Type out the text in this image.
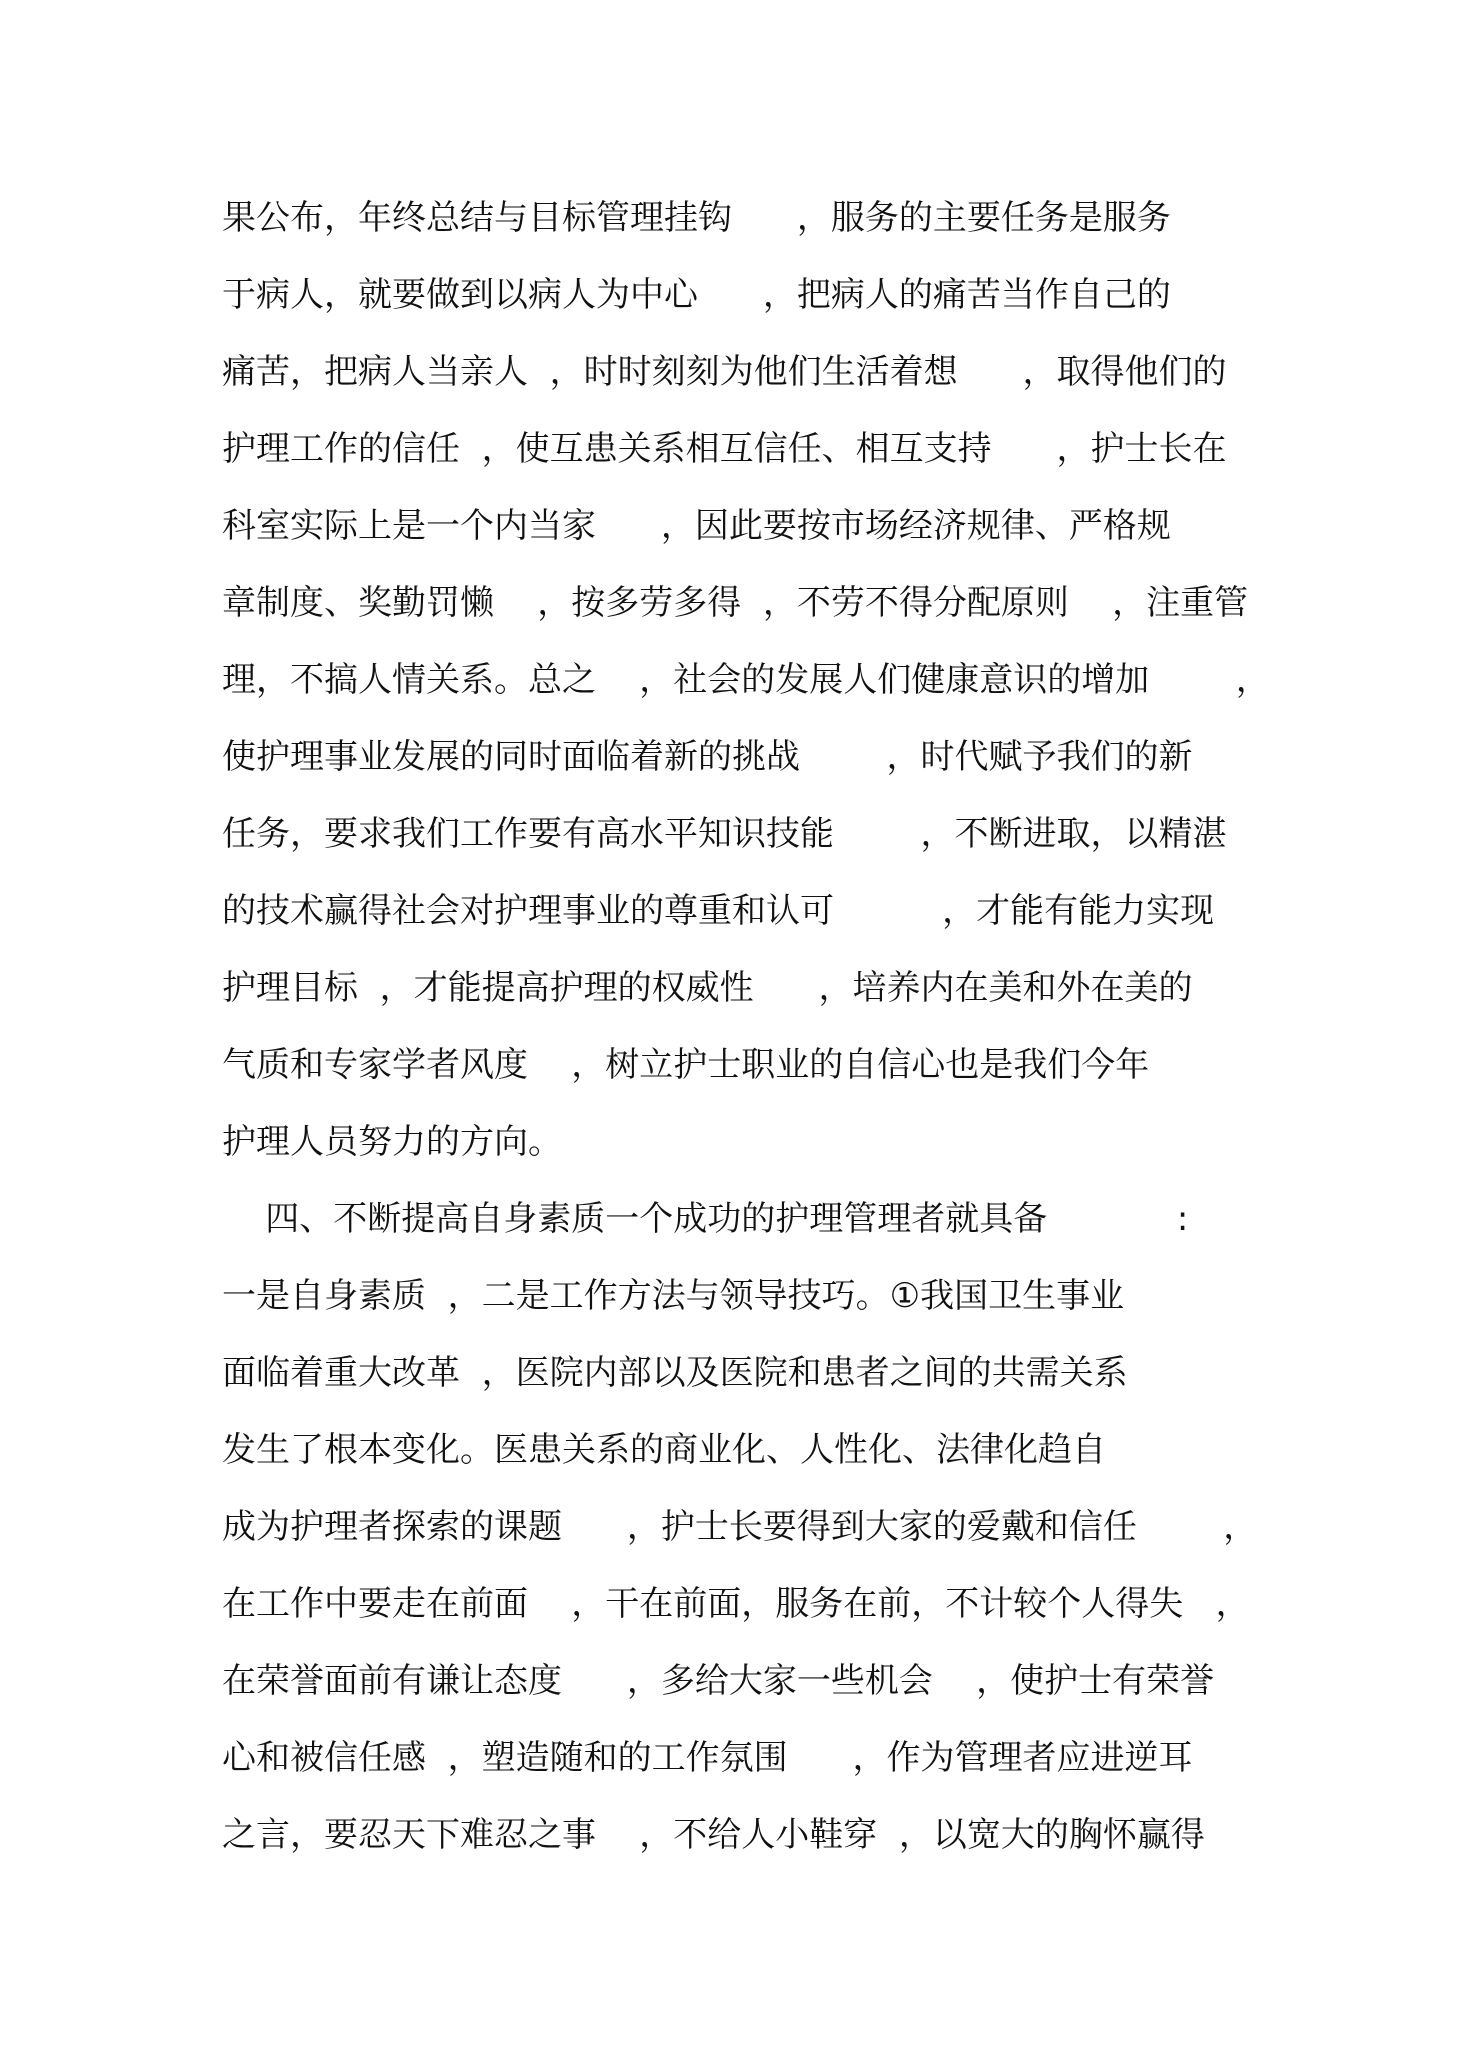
果公布，年终总结与目标管理挂钩      ，服务的主要任务是服务
于病人，就要做到以病人为中心      ，把病人的痛苦当作自己的
痛苦，把病人当亲人  ，时时刻刻为他们生活着想      ，取得他们的
护理工作的信任  ，使互患关系相互信任、相互支持      ，护士长在
科室实际上是一个内当家      ，因此要按市场经济规律、严格规
章制度、奖勤罚懒    ，按多劳多得  ，不劳不得分配原则    ，注重管
理，不搞人情关系。总之    ，社会的发展人们健康意识的增加        ，
使护理事业发展的同时面临着新的挑战        ，时代赋予我们的新
任务，要求我们工作要有高水平知识技能        ，不断进取，以精湛
的技术赢得社会对护理事业的尊重和认可          ，才能有能力实现
护理目标  ，才能提高护理的权威性      ，培养内在美和外在美的
气质和专家学者风度    ，树立护士职业的自信心也是我们今年
护理人员努力的方向。
四、不断提高自身素质一个成功的护理管理者就具备            :
一是自身素质  ，二是工作方法与领导技巧。①我国卫生事业
面临着重大改革  ，医院内部以及医院和患者之间的共需关系
发生了根本变化。医患关系的商业化、人性化、法律化趋自
成为护理者探索的课题      ，护士长要得到大家的爱戴和信任        ，
在工作中要走在前面    ，干在前面，服务在前，不计较个人得失   ，
在荣誉面前有谦让态度      ，多给大家一些机会    ，使护士有荣誉
心和被信任感  ，塑造随和的工作氛围      ，作为管理者应进逆耳
之言，要忍天下难忍之事    ，不给人小鞋穿  ，以宽大的胸怀赢得
